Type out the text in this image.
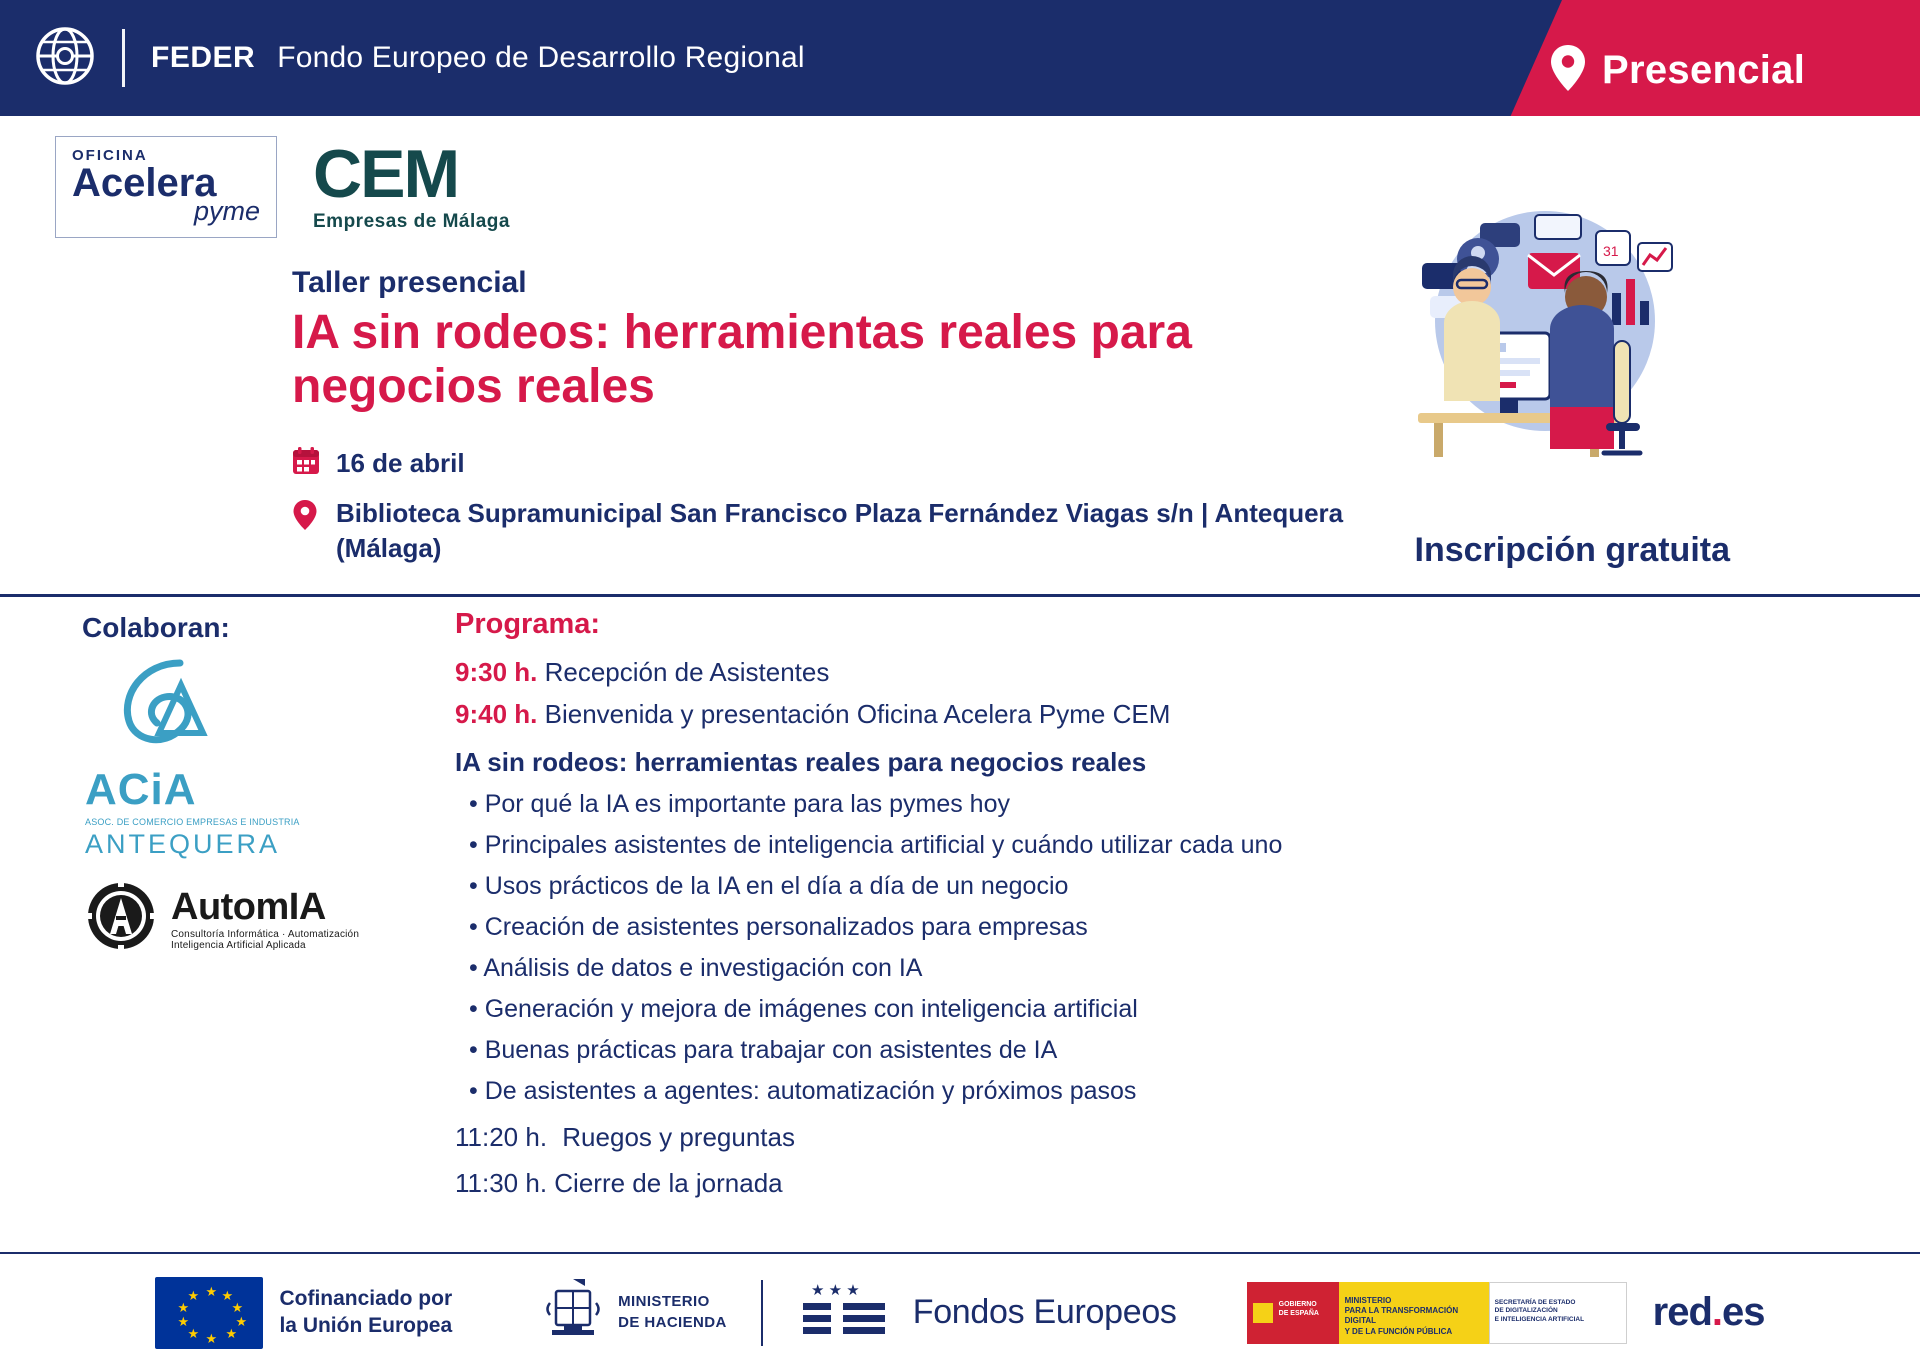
FEDER Fondo Europeo de Desarrollo Regional	Presencial
OFICINA
Acelera
pyme CEM
Empresas de Málaga
Taller presencial
IA sin rodeos: herramientas reales para negocios reales
16 de abril
Biblioteca Supramunicipal San Francisco Plaza Fernández Viagas s/n | Antequera (Málaga)
31
Inscripción gratuita
Colaboran:
ACiA
ASOC. DE COMERCIO EMPRESAS E INDUSTRIA
ANTEQUERA
AutomIA
Consultoría Informática · Automatización
Inteligencia Artificial Aplicada
Programa:
9:30 h. Recepción de Asistentes
9:40 h. Bienvenida y presentación Oficina Acelera Pyme CEM
IA sin rodeos: herramientas reales para negocios reales
• Por qué la IA es importante para las pymes hoy
• Principales asistentes de inteligencia artificial y cuándo utilizar cada uno
• Usos prácticos de la IA en el día a día de un negocio
• Creación de asistentes personalizados para empresas
• Análisis de datos e investigación con IA
• Generación y mejora de imágenes con inteligencia artificial
• Buenas prácticas para trabajar con asistentes de IA
• De asistentes a agentes: automatización y próximos pasos
11:20 h. Ruegos y preguntas
11:30 h. Cierre de la jornada
★ ★
★
★
★
★
★
★
★
★	Cofinanciado por
la Unión Europea
MINISTERIO
DE HACIENDA
★ ★ ★
Fondos Europeos	GOBIERNO
DE ESPAÑA
MINISTERIO
PARA LA TRANSFORMACIÓN DIGITAL
Y DE LA FUNCIÓN PÚBLICA
SECRETARÍA DE ESTADO
DE DIGITALIZACIÓN
E INTELIGENCIA ARTIFICIAL	red.es
